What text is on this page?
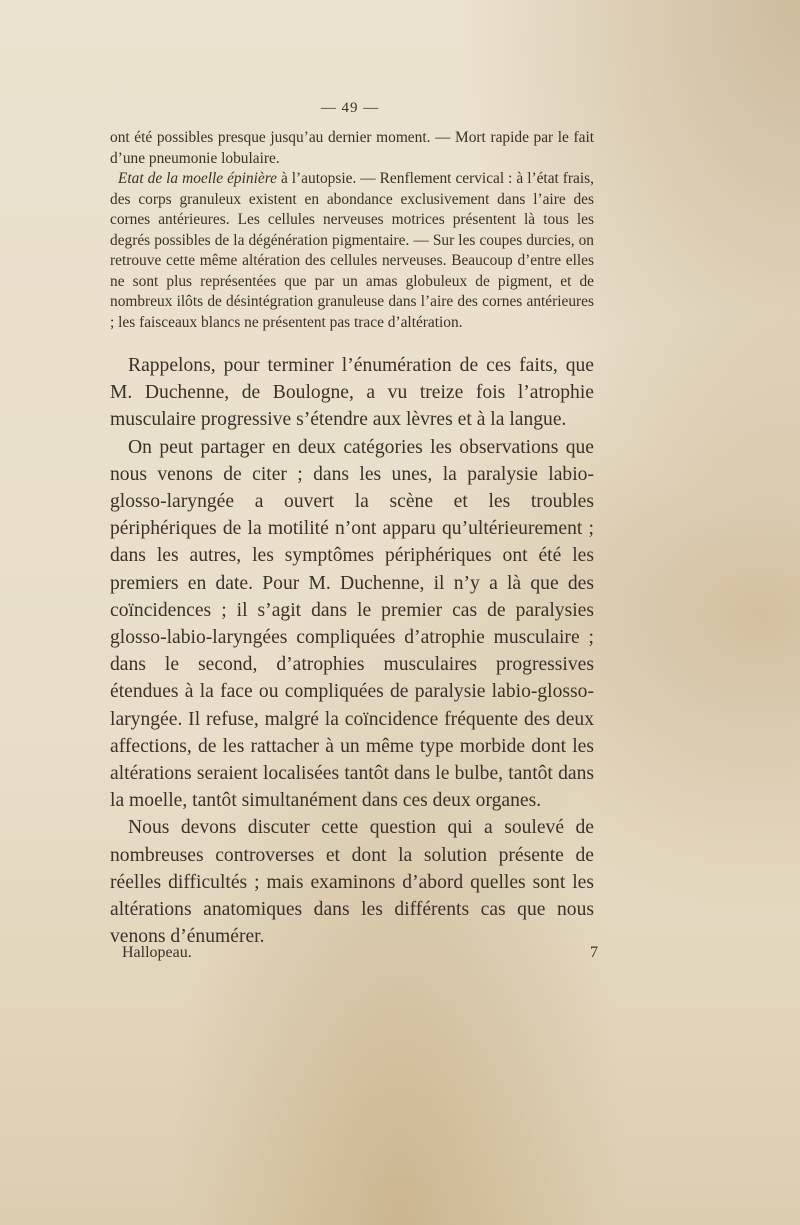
— 49 —

ont été possibles presque jusqu’au dernier moment. — Mort rapide par le fait d’une pneumonie lobulaire.

Etat de la moelle épinière à l’autopsie. — Renflement cervical : à l’état frais, des corps granuleux existent en abondance exclusivement dans l’aire des cornes antérieures. Les cellules nerveuses motrices présentent là tous les degrés possibles de la dégénération pigmentaire. — Sur les coupes durcies, on retrouve cette même altération des cellules nerveuses. Beaucoup d’entre elles ne sont plus représentées que par un amas globuleux de pigment, et de nombreux ilôts de désintégration granuleuse dans l’aire des cornes antérieures ; les faisceaux blancs ne présentent pas trace d’altération.

Rappelons, pour terminer l’énumération de ces faits, que M. Duchenne, de Boulogne, a vu treize fois l’atrophie musculaire progressive s’étendre aux lèvres et à la langue.

On peut partager en deux catégories les observations que nous venons de citer ; dans les unes, la paralysie labio-glosso-laryngée a ouvert la scène et les troubles périphériques de la motilité n’ont apparu qu’ultérieurement ; dans les autres, les symptômes périphériques ont été les premiers en date. Pour M. Duchenne, il n’y a là que des coïncidences ; il s’agit dans le premier cas de paralysies glosso-labio-laryngées compliquées d’atrophie musculaire ; dans le second, d’atrophies musculaires progressives étendues à la face ou compliquées de paralysie labio-glosso-laryngée. Il refuse, malgré la coïncidence fréquente des deux affections, de les rattacher à un même type morbide dont les altérations seraient localisées tantôt dans le bulbe, tantôt dans la moelle, tantôt simultanément dans ces deux organes.

Nous devons discuter cette question qui a soulevé de nombreuses controverses et dont la solution présente de réelles difficultés ; mais examinons d’abord quelles sont les altérations anatomiques dans les différents cas que nous venons d’énumérer.

Hallopeau.	7
